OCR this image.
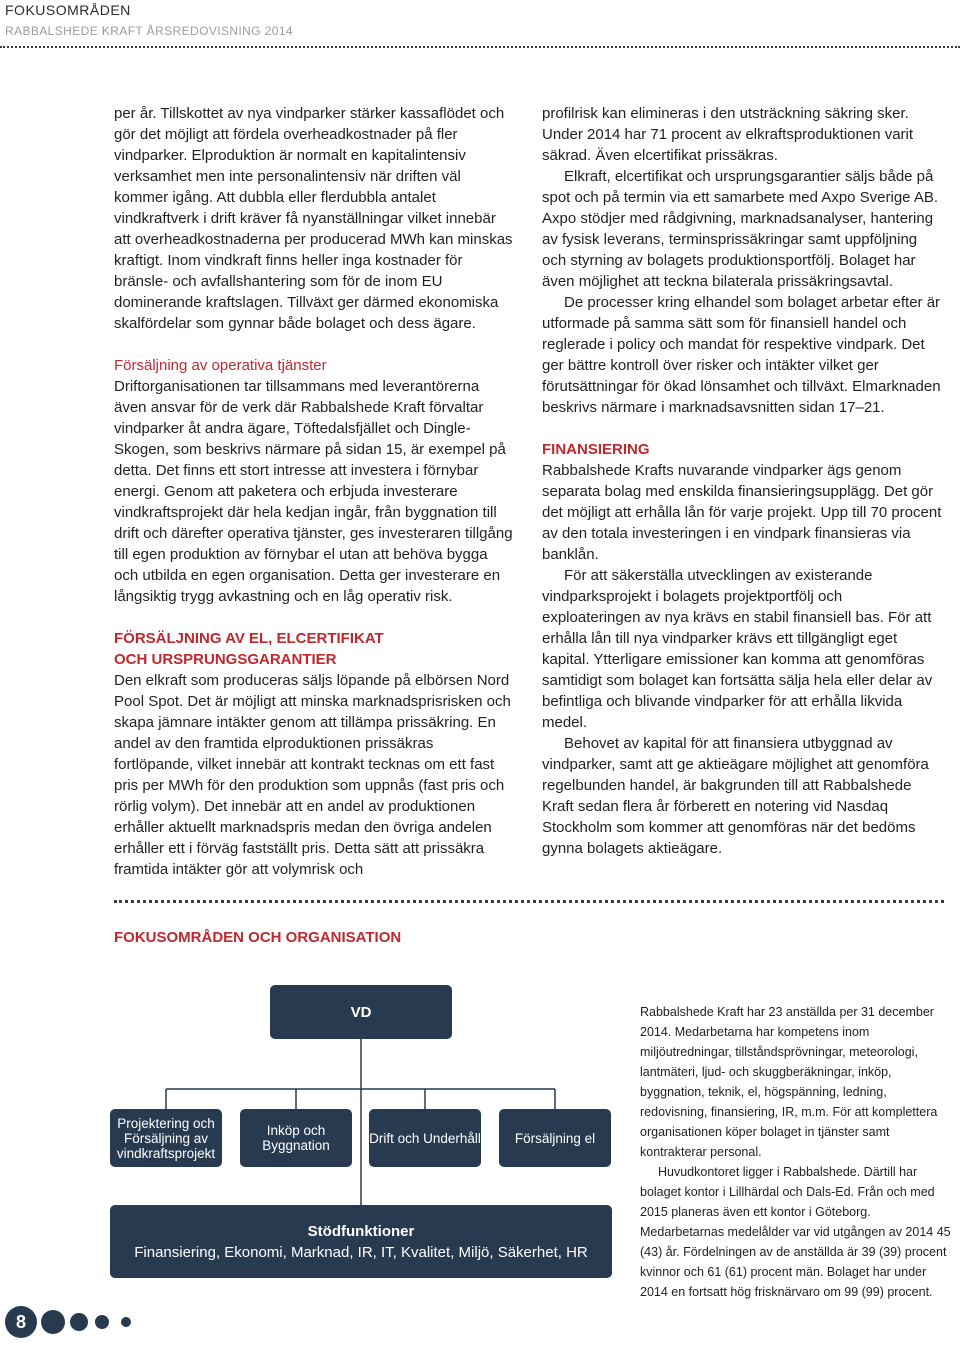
FOKUSOMRÅDEN
RABBALSHEDE KRAFT ÅRSREDOVISNING 2014

per år. Tillskottet av nya vindparker stärker kassaflödet och gör det möjligt att fördela overheadkostnader på fler vindparker. Elproduktion är normalt en kapitalintensiv verksamhet men inte personalintensiv när driften väl kommer igång. Att dubbla eller flerdubbla antalet vindkraftverk i drift kräver få nyanställningar vilket innebär att overheadkostnaderna per producerad MWh kan minskas kraftigt. Inom vindkraft finns heller inga kostnader för bränsle- och avfallshantering som för de inom EU dominerande kraftslagen. Tillväxt ger därmed ekonomiska skalfördelar som gynnar både bolaget och dess ägare.

Försäljning av operativa tjänster

Driftorganisationen tar tillsammans med leverantörerna även ansvar för de verk där Rabbalshede Kraft förvaltar vindparker åt andra ägare, Töftedalsfjället och Dingle-Skogen, som beskrivs närmare på sidan 15, är exempel på detta. Det finns ett stort intresse att investera i förnybar energi. Genom att paketera och erbjuda investerare vindkraftsprojekt där hela kedjan ingår, från byggnation till drift och därefter operativa tjänster, ges investeraren tillgång till egen produktion av förnybar el utan att behöva bygga och utbilda en egen organisation. Detta ger investerare en långsiktig trygg avkastning och en låg operativ risk.

FÖRSÄLJNING AV EL, ELCERTIFIKAT

OCH URSPRUNGSGARANTIER

Den elkraft som produceras säljs löpande på elbörsen Nord Pool Spot. Det är möjligt att minska marknadsprisrisken och skapa jämnare intäkter genom att tillämpa prissäkring. En andel av den framtida elproduktionen prissäkras fortlöpande, vilket innebär att kontrakt tecknas om ett fast pris per MWh för den produktion som uppnås (fast pris och rörlig volym). Det innebär att en andel av produktionen erhåller aktuellt marknadspris medan den övriga andelen erhåller ett i förväg fastställt pris. Detta sätt att prissäkra framtida intäkter gör att volymrisk och

profilrisk kan elimineras i den utsträckning säkring sker. Under 2014 har 71 procent av elkraftsproduktionen varit säkrad. Även elcertifikat prissäkras.

Elkraft, elcertifikat och ursprungsgarantier säljs både på spot och på termin via ett samarbete med Axpo Sverige AB. Axpo stödjer med rådgivning, marknadsanalyser, hantering av fysisk leverans, terminsprissäkringar samt uppföljning och styrning av bolagets produktionsportfölj. Bolaget har även möjlighet att teckna bilaterala prissäkringsavtal.

De processer kring elhandel som bolaget arbetar efter är utformade på samma sätt som för finansiell handel och reglerade i policy och mandat för respektive vindpark. Det ger bättre kontroll över risker och intäkter vilket ger förutsättningar för ökad lönsamhet och tillväxt. Elmarknaden beskrivs närmare i marknadsavsnitten sidan 17–21.

FINANSIERING

Rabbalshede Krafts nuvarande vindparker ägs genom separata bolag med enskilda finansieringsupplägg. Det gör det möjligt att erhålla lån för varje projekt. Upp till 70 procent av den totala investeringen i en vindpark finansieras via banklån.

För att säkerställa utvecklingen av existerande vindparksprojekt i bolagets projektportfölj och exploateringen av nya krävs en stabil finansiell bas. För att erhålla lån till nya vindparker krävs ett tillgängligt eget kapital. Ytterligare emissioner kan komma att genomföras samtidigt som bolaget kan fortsätta sälja hela eller delar av befintliga och blivande vindparker för att erhålla likvida medel.

Behovet av kapital för att finansiera utbyggnad av vindparker, samt att ge aktieägare möjlighet att genomföra regelbunden handel, är bakgrunden till att Rabbalshede Kraft sedan flera år förberett en notering vid Nasdaq Stockholm som kommer att genomföras när det bedöms gynna bolagets aktieägare.

FOKUSOMRÅDEN OCH ORGANISATION
VD
Projektering och Försäljning av vindkraftsprojekt
Inköp och Byggnation	Drift och Underhåll	Försäljning el
Stödfunktioner
Finansiering, Ekonomi, Marknad, IR, IT, Kvalitet, Miljö, Säkerhet, HR

Rabbalshede Kraft har 23 anställda per 31 december 2014. Medarbetarna har kompetens inom miljöutredningar, tillståndsprövningar, meteorologi, lantmäteri, ljud- och skuggberäkningar, inköp, byggnation, teknik, el, högspänning, ledning, redovisning, finansiering, IR, m.m. För att komplettera organisationen köper bolaget in tjänster samt kontrakterar personal.

Huvudkontoret ligger i Rabbalshede. Därtill har bolaget kontor i Lillhärdal och Dals-Ed. Från och med 2015 planeras även ett kontor i Göteborg. Medarbetarnas medelålder var vid utgången av 2014 45 (43) år. Fördelningen av de anställda är 39 (39) procent kvinnor och 61 (61) procent män. Bolaget har under 2014 en fortsatt hög frisknärvaro om 99 (99) procent.

8
